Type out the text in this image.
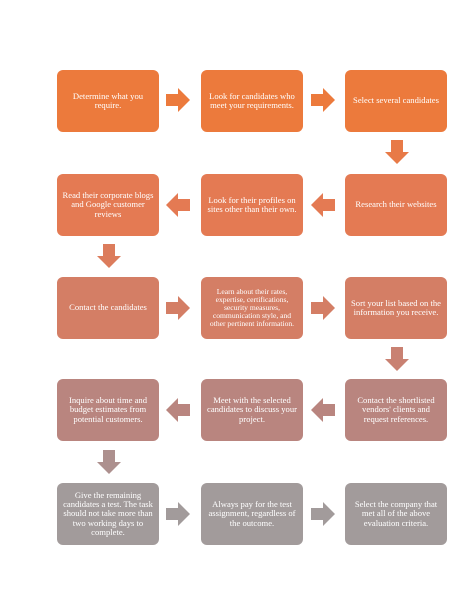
Determine what you require.
Look for candidates who meet your requirements.	Select several candidates
Research their websites
Look for their profiles on sites other than their own.
Read their corporate blogs and Google customer reviews
Contact the candidates
Learn about their rates,
expertise, certifications,
security measures,
communication style, and
other pertinent information.
Sort your list based on the information you receive.
Contact the shortlisted vendors' clients and request references.
Meet with the selected candidates to discuss your project.
Inquire about time and budget estimates from potential customers.
Give the remaining candidates a test. The task should not take more than two working days to complete.
Always pay for the test assignment, regardless of the outcome.
Select the company that met all of the above evaluation criteria.
